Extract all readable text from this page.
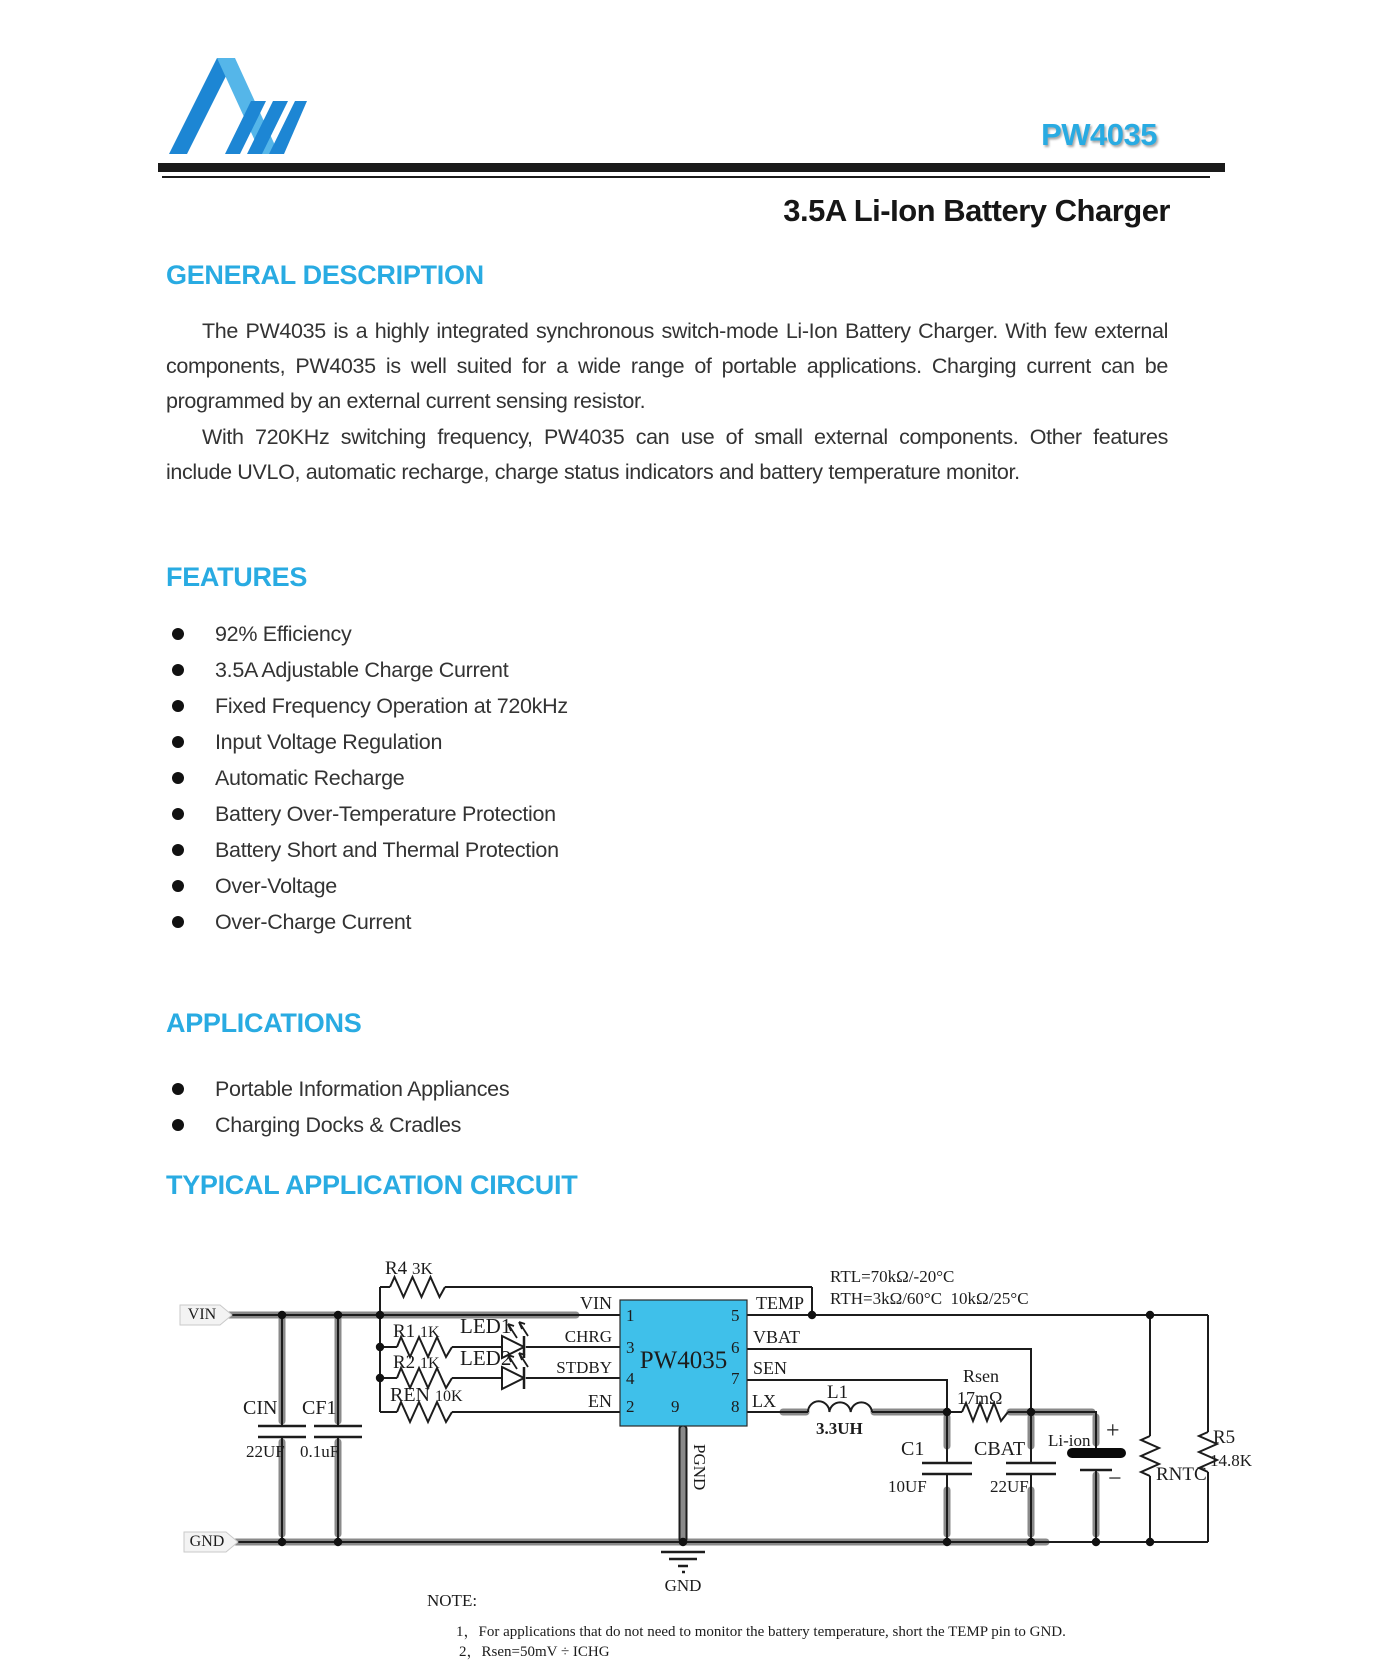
PW4035
3.5A Li-Ion Battery Charger
GENERAL DESCRIPTION
The PW4035 is a highly integrated synchronous switch-mode Li-Ion Battery Charger. With few external components, PW4035 is well suited for a wide range of portable applications. Charging current can be programmed by an external current sensing resistor.
With 720KHz switching frequency, PW4035 can use of small external components. Other features include UVLO, automatic recharge, charge status indicators and battery temperature monitor.
FEATURES
92% Efficiency
3.5A Adjustable Charge Current
Fixed Frequency Operation at 720kHz
Input Voltage Regulation
Automatic Recharge
Battery Over-Temperature Protection
Battery Short and Thermal Protection
Over-Voltage
Over-Charge Current
APPLICATIONS
Portable Information Appliances
Charging Docks & Cradles
TYPICAL APPLICATION CIRCUIT
VIN
GND
R4 3K
R1 1K LED1
R2 1K LED2
REN 10K
VIN
CHRG
STDBY
EN
TEMP
VBAT
SEN
LX
1
3
4
2
5
6
7
8
9
PW4035
PGND
CIN
22UF
CF1
0.1uF
L1
3.3UH
Rsen
17mΩ
C1
10UF
CBAT
22UF
Li-ion +
− RNTC
R5
14.8K
RTL=70kΩ/-20°C
RTH=3kΩ/60°C  10kΩ/25°C
GND
NOTE:
1，For applications that do not need to monitor the battery temperature, short the TEMP pin to GND.
2，Rsen=50mV ÷ ICHG
